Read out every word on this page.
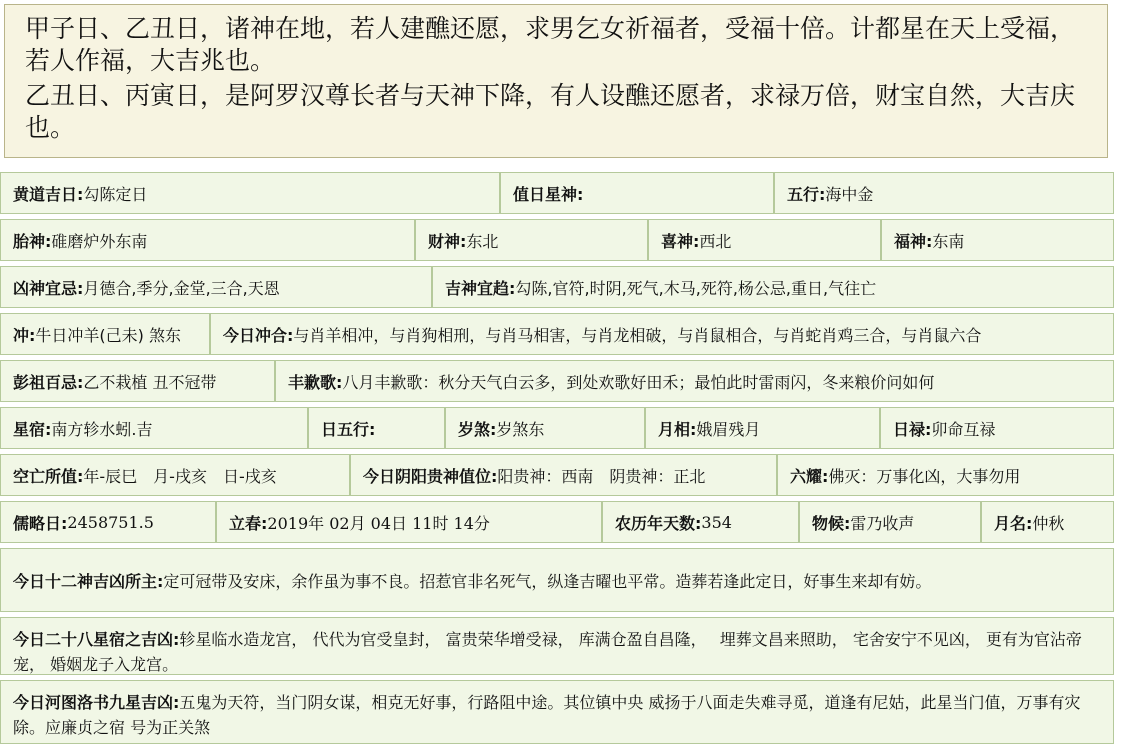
甲子日、乙丑日，诸神在地，若人建醮还愿，求男乞女祈福者，受福十倍。计都星在天上受福，若人作福，大吉兆也。

乙丑日、丙寅日，是阿罗汉尊长者与天神下降，有人设醮还愿者，求禄万倍，财宝自然，大吉庆也。

黄道吉日: 勾陈定日	值日星神:	五行: 海中金
胎神: 碓磨炉外东南	财神: 东北	喜神: 西北	福神: 东南
凶神宜忌: 月德合,季分,金堂,三合,天恩	吉神宜趋: 勾陈,官符,时阴,死气,木马,死符,杨公忌,重日,气往亡
冲: 牛日冲羊(己未) 煞东	今日冲合: 与肖羊相冲，与肖狗相刑，与肖马相害，与肖龙相破，与肖鼠相合，与肖蛇肖鸡三合，与肖鼠六合
彭祖百忌: 乙不栽植 丑不冠带	丰歉歌: 八月丰歉歌：秋分天气白云多，到处欢歌好田禾；最怕此时雷雨闪，冬来粮价问如何
星宿: 南方轸水蚓.吉	日五行:	岁煞: 岁煞东	月相: 娥眉残月	日禄: 卯命互禄
空亡所值: 年-辰巳　月-戌亥　日-戌亥	今日阴阳贵神值位: 阳贵神：西南　阴贵神：正北	六耀: 佛灭：万事化凶，大事勿用
儒略日: 2458751.5	立春: 2019年 02月 04日 11时 14分	农历年天数: 354	物候: 雷乃收声	月名: 仲秋
今日十二神吉凶所主: 定可冠带及安床，余作虽为事不良。招惹官非名死气，纵逢吉曜也平常。造葬若逢此定日，好事生来却有妨。
今日二十八星宿之吉凶:轸星临水造龙宫， 代代为官受皇封， 富贵荣华增受禄， 库满仓盈自昌隆，　 埋葬文昌来照助， 宅舍安宁不见凶， 更有为官沾帝宠， 婚姻龙子入龙宫。
今日河图洛书九星吉凶:五鬼为天符，当门阴女谋，相克无好事，行路阻中途。其位镇中央 威扬于八面走失难寻觅，道逢有尼姑，此星当门值，万事有灾除。应廉贞之宿 号为正关煞
